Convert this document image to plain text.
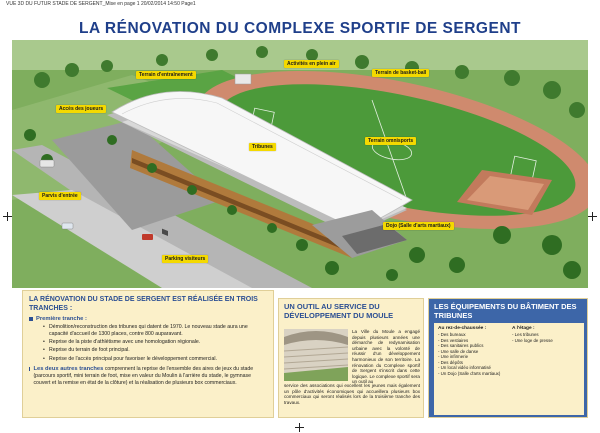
VUE 3D DU FUTUR STADE DE SERGENT_Mise en page 1 20/02/2014 14:50 Page1
LA RÉNOVATION DU COMPLEXE SPORTIF DE SERGENT
Terrain d'entraînement
Activités en plein air
Terrain de basket-ball
Accès des joueurs
Tribunes
Terrain omnisports
Parvis d'entrée
Dojo (Salle d'arts martiaux)
Parking visiteurs
LA RÉNOVATION DU STADE DE SERGENT EST RÉALISÉE EN TROIS TRANCHES :
Première tranche :
• Démolition/reconstruction des tribunes qui datent de 1970. Le nouveau stade aura une capacité d'accueil de 1300 places, contre 800 auparavant.
• Reprise de la piste d'athlétisme avec une homologation régionale.
• Reprise du terrain de foot principal.
• Reprise de l'accès principal pour favoriser le développement commercial.
Les deux autres tranches comprennent la reprise de l'ensemble des aires de jeux du stade (parcours sportif, mini terrain de foot, mise en valeur du Moulin à l'arrière du stade, le gymnase couvert et la remise en état de la clôture) et la réalisation de plusieurs box commerciaux.
UN OUTIL AU SERVICE DU DÉVELOPPEMENT DU MOULE
La Ville du Moule a engagé depuis plusieurs années une démarche de redynamisation urbaine avec la volonté de réussir d'un développement harmonieux de son territoire. La rénovation du Complexe sportif de Sergent s'inscrit dans cette logique. Le complexe sportif sera un outil au
service des associations qui excellent les jeunes mais également un pôle d'activités économiques qui accueillera plusieurs box commerciaux qui seront réalisés lors de la troisième tranche des travaux.
LES ÉQUIPEMENTS DU BÂTIMENT DES TRIBUNES
Au rez-de-chaussée :
- Des bureaux
- Des vestiaires
- Des sanitaires publics
- Une salle de danse
- Une infirmerie
- Des dépôts
- Un local vidéo informatisé
- Un Dojo (Salle d'arts martiaux)
A l'étage :
- Les tribunes
- Une loge de presse
